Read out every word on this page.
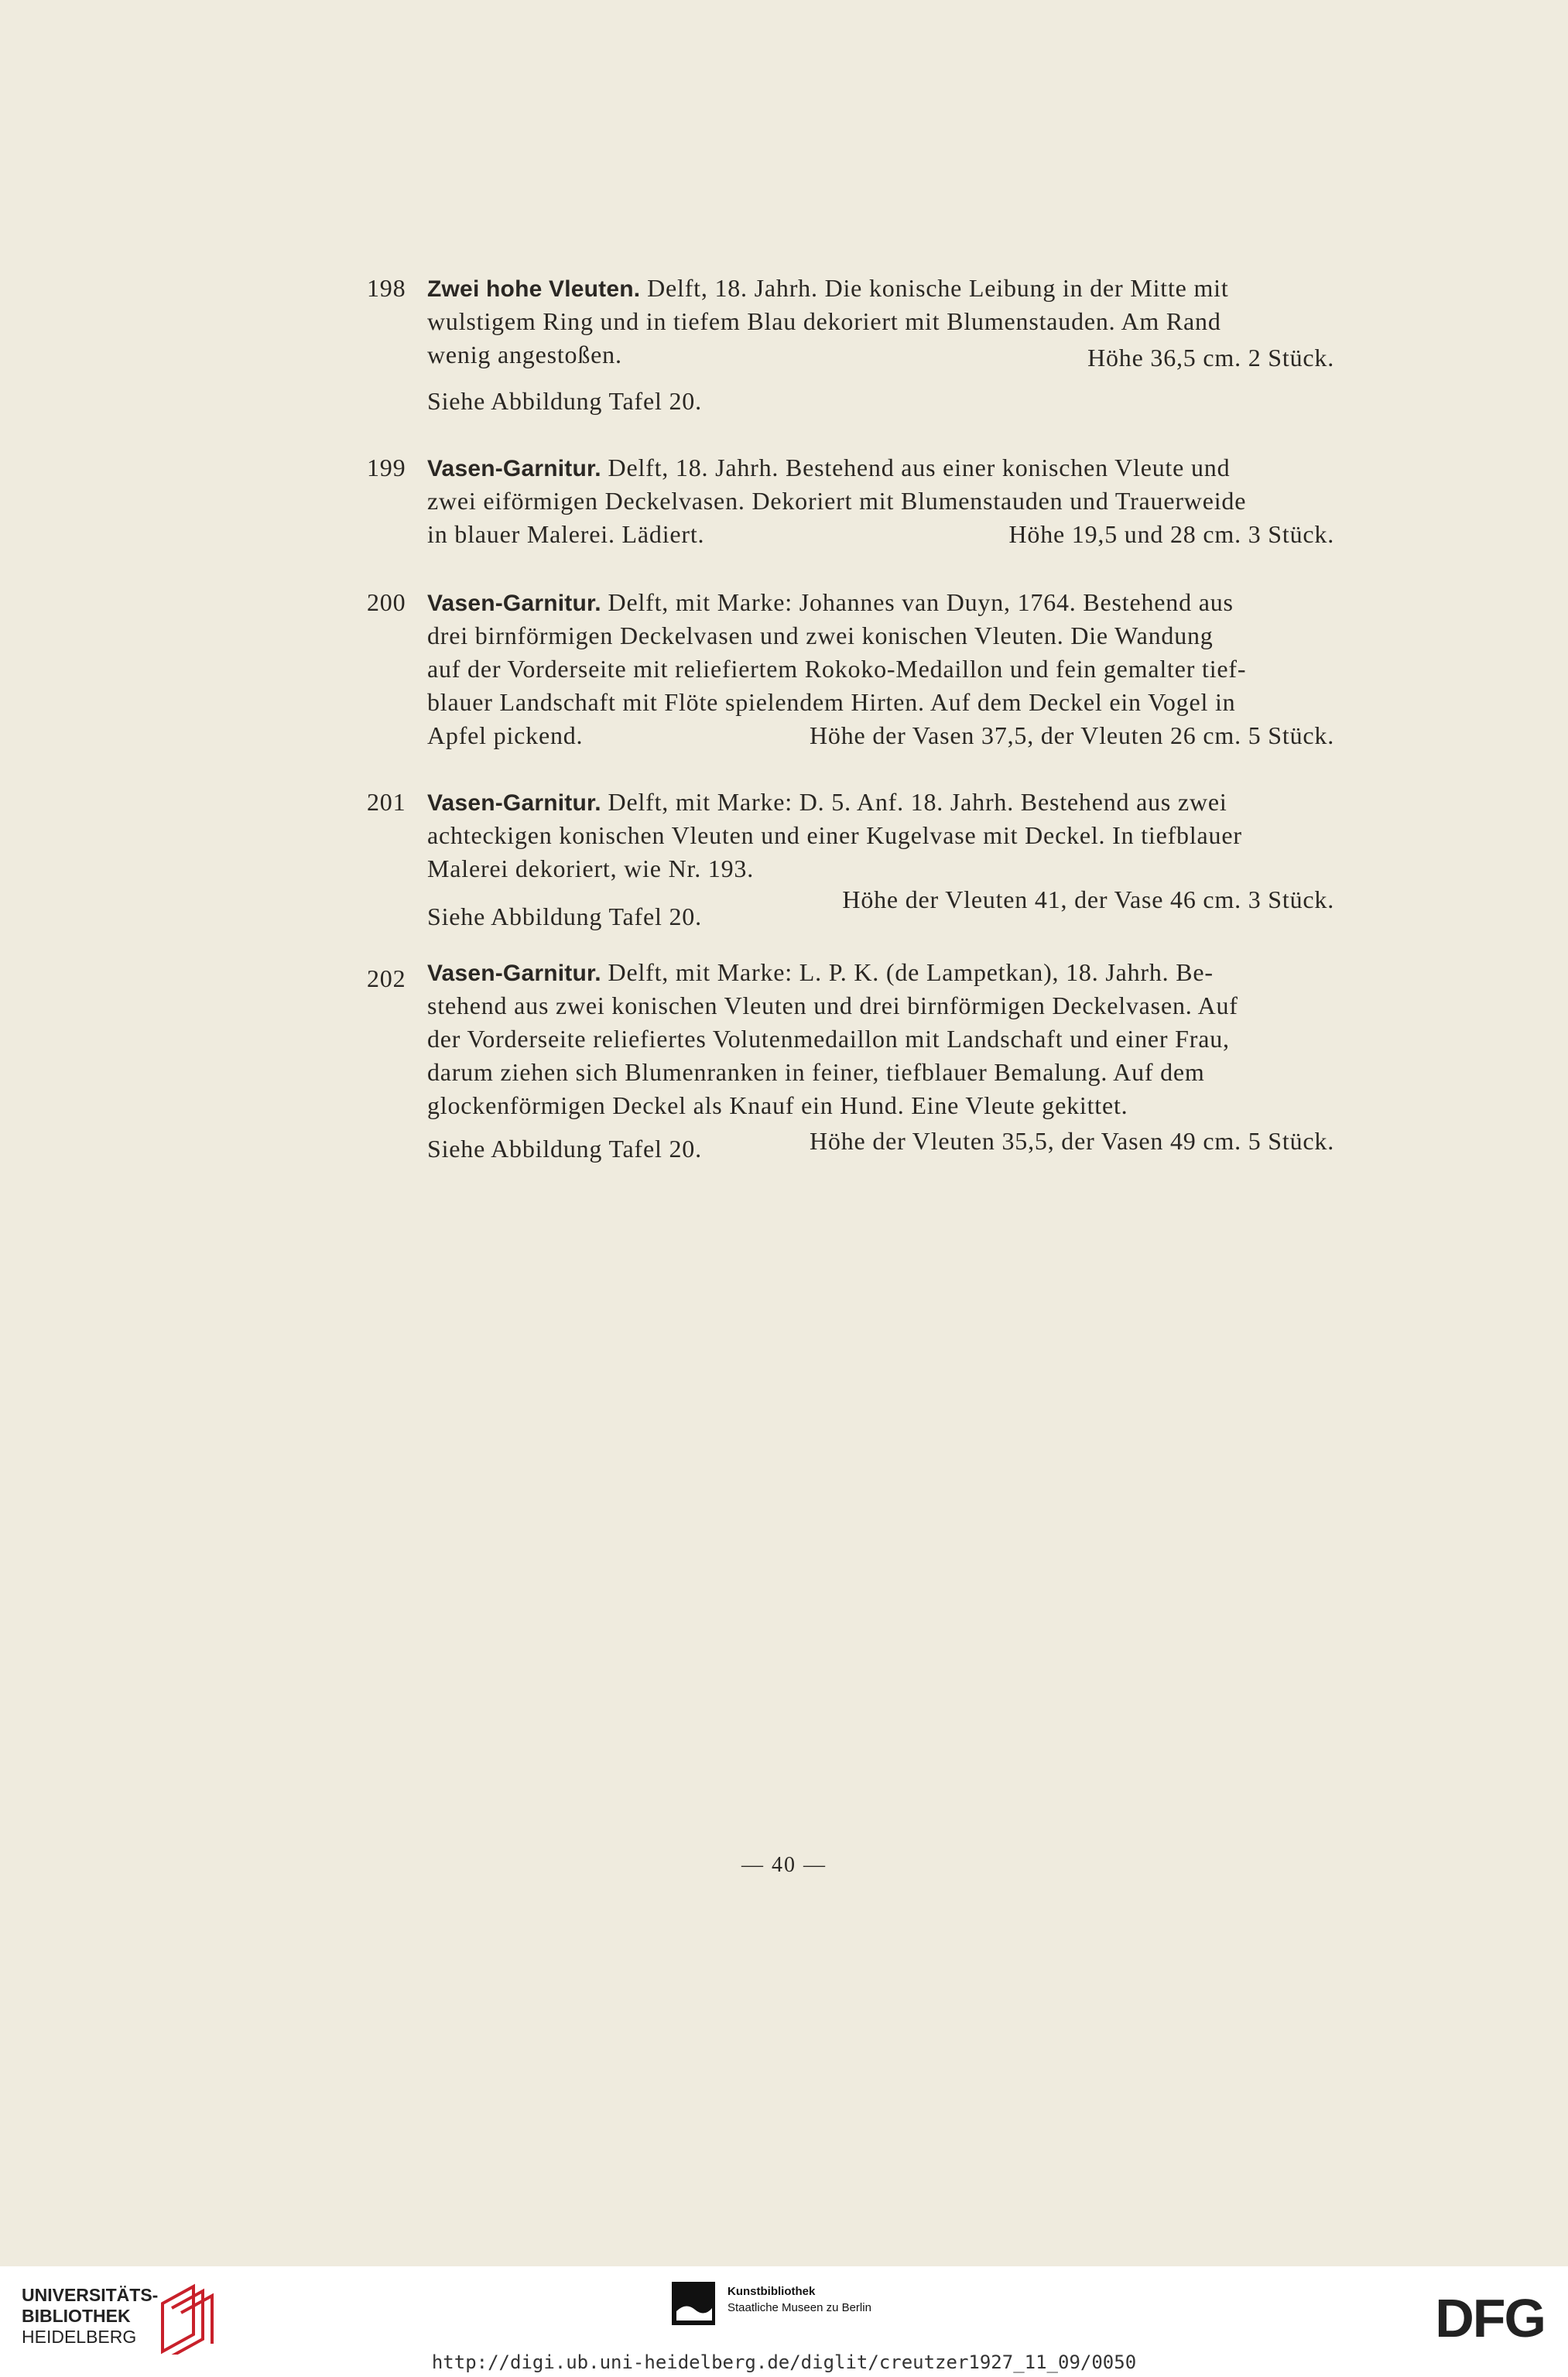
198 Zwei hohe Vleuten. Delft, 18. Jahrh. Die konische Leibung in der Mitte mit
wulstigem Ring und in tiefem Blau dekoriert mit Blumenstauden. Am Rand
wenig angestoßen.	Höhe 36,5 cm. 2 Stück.
Siehe Abbildung Tafel 20.
199 Vasen-Garnitur. Delft, 18. Jahrh. Bestehend aus einer konischen Vleute und
zwei eiförmigen Deckelvasen. Dekoriert mit Blumenstauden und Trauerweide
in blauer Malerei. Lädiert.	Höhe 19,5 und 28 cm. 3 Stück.
200 Vasen-Garnitur. Delft, mit Marke: Johannes van Duyn, 1764. Bestehend aus
drei birnförmigen Deckelvasen und zwei konischen Vleuten. Die Wandung
auf der Vorderseite mit reliefiertem Rokoko-Medaillon und fein gemalter tief-
blauer Landschaft mit Flöte spielendem Hirten. Auf dem Deckel ein Vogel in
Apfel pickend.	Höhe der Vasen 37,5, der Vleuten 26 cm. 5 Stück.
201 Vasen-Garnitur. Delft, mit Marke: D. 5. Anf. 18. Jahrh. Bestehend aus zwei
achteckigen konischen Vleuten und einer Kugelvase mit Deckel. In tiefblauer
Malerei dekoriert, wie Nr. 193.
Höhe der Vleuten 41, der Vase 46 cm. 3 Stück.
Siehe Abbildung Tafel 20.
202 Vasen-Garnitur. Delft, mit Marke: L. P. K. (de Lampetkan), 18. Jahrh. Be-
stehend aus zwei konischen Vleuten und drei birnförmigen Deckelvasen. Auf
der Vorderseite reliefiertes Volutenmedaillon mit Landschaft und einer Frau,
darum ziehen sich Blumenranken in feiner, tiefblauer Bemalung. Auf dem
glockenförmigen Deckel als Knauf ein Hund. Eine Vleute gekittet.
Höhe der Vleuten 35,5, der Vasen 49 cm. 5 Stück.
Siehe Abbildung Tafel 20.
— 40 —
UNIVERSITÄTS-
BIBLIOTHEK
HEIDELBERG
Kunstbibliothek
Staatliche Museen zu Berlin	DFG
http://digi.ub.uni-heidelberg.de/diglit/creutzer1927_11_09/0050
